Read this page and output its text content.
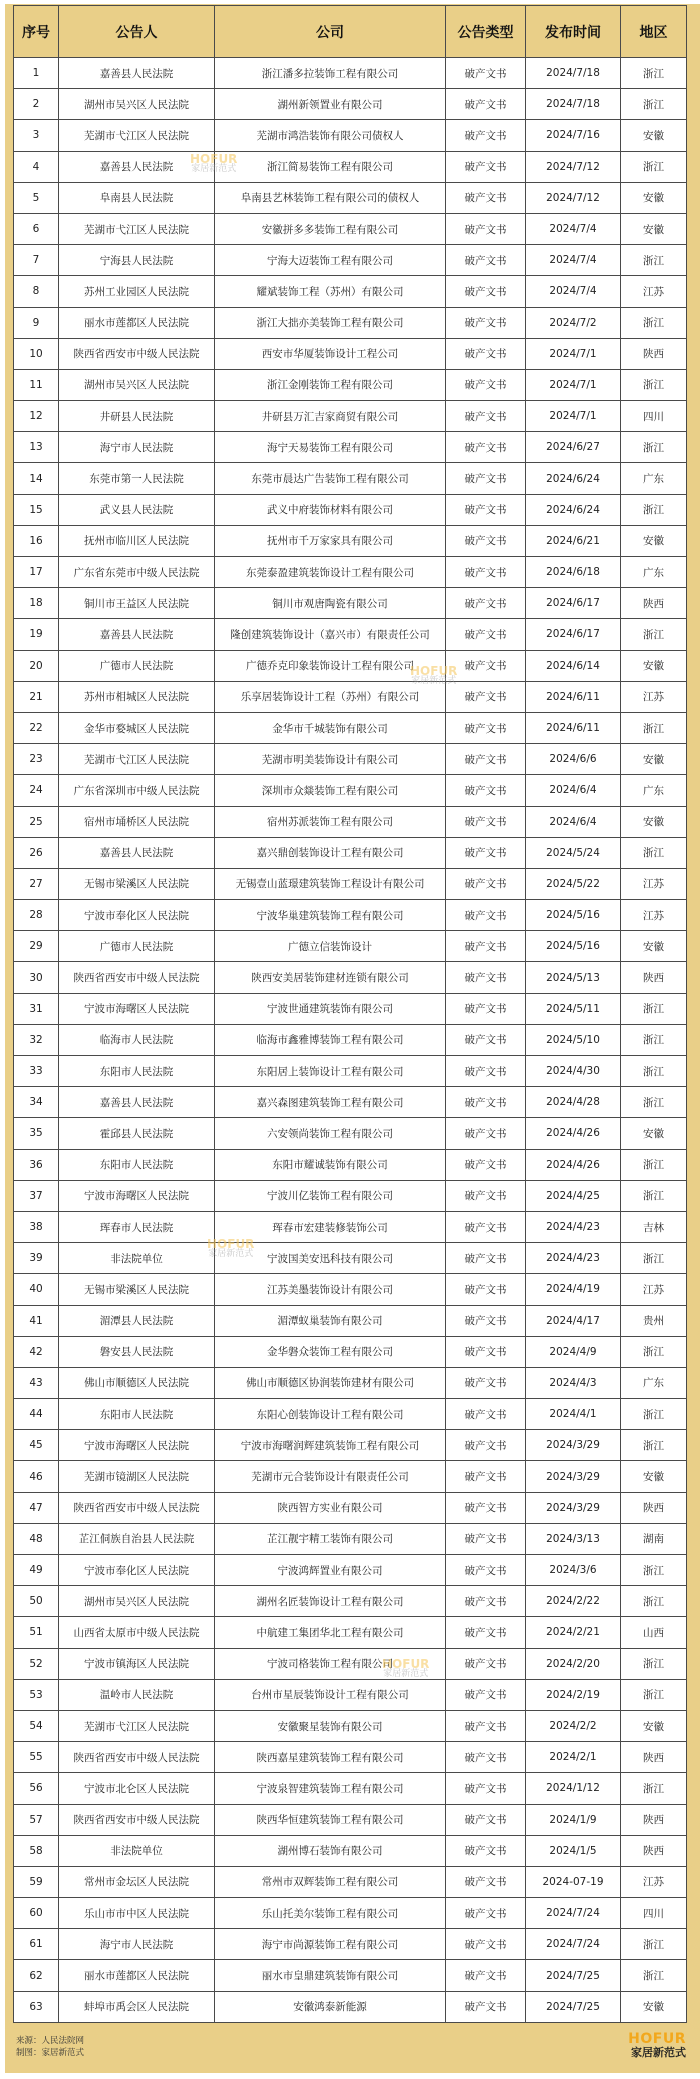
序号	公告人	公司	公告类型	发布时间	地区
1	嘉善县人民法院	浙江潘多拉装饰工程有限公司	破产文书	2024/7/18	浙江
2	湖州市吴兴区人民法院	湖州新领置业有限公司	破产文书	2024/7/18	浙江
3	芜湖市弋江区人民法院	芜湖市鸿浩装饰有限公司债权人	破产文书	2024/7/16	安徽
4	嘉善县人民法院	浙江简易装饰工程有限公司	破产文书	2024/7/12	浙江
5	阜南县人民法院	阜南县艺林装饰工程有限公司的债权人	破产文书	2024/7/12	安徽
6	芜湖市弋江区人民法院	安徽拼多多装饰工程有限公司	破产文书	2024/7/4	安徽
7	宁海县人民法院	宁海大迈装饰工程有限公司	破产文书	2024/7/4	浙江
8	苏州工业园区人民法院	耀斌装饰工程（苏州）有限公司	破产文书	2024/7/4	江苏
9	丽水市莲都区人民法院	浙江大拙亦美装饰工程有限公司	破产文书	2024/7/2	浙江
10	陕西省西安市中级人民法院	西安市华厦装饰设计工程公司	破产文书	2024/7/1	陕西
11	湖州市吴兴区人民法院	浙江金刚装饰工程有限公司	破产文书	2024/7/1	浙江
12	井研县人民法院	井研县万汇吉家商贸有限公司	破产文书	2024/7/1	四川
13	海宁市人民法院	海宁天易装饰工程有限公司	破产文书	2024/6/27	浙江
14	东莞市第一人民法院	东莞市晨达广告装饰工程有限公司	破产文书	2024/6/24	广东
15	武义县人民法院	武义中府装饰材料有限公司	破产文书	2024/6/24	浙江
16	抚州市临川区人民法院	抚州市千万家家具有限公司	破产文书	2024/6/21	安徽
17	广东省东莞市中级人民法院	东莞泰盈建筑装饰设计工程有限公司	破产文书	2024/6/18	广东
18	铜川市王益区人民法院	铜川市观唐陶瓷有限公司	破产文书	2024/6/17	陕西
19	嘉善县人民法院	隆创建筑装饰设计（嘉兴市）有限责任公司	破产文书	2024/6/17	浙江
20	广德市人民法院	广德乔克印象装饰设计工程有限公司	破产文书	2024/6/14	安徽
21	苏州市相城区人民法院	乐享居装饰设计工程（苏州）有限公司	破产文书	2024/6/11	江苏
22	金华市婺城区人民法院	金华市千城装饰有限公司	破产文书	2024/6/11	浙江
23	芜湖市弋江区人民法院	芜湖市明美装饰设计有限公司	破产文书	2024/6/6	安徽
24	广东省深圳市中级人民法院	深圳市众燚装饰工程有限公司	破产文书	2024/6/4	广东
25	宿州市埇桥区人民法院	宿州苏派装饰工程有限公司	破产文书	2024/6/4	安徽
26	嘉善县人民法院	嘉兴鼎创装饰设计工程有限公司	破产文书	2024/5/24	浙江
27	无锡市梁溪区人民法院	无锡壹山蓝璟建筑装饰工程设计有限公司	破产文书	2024/5/22	江苏
28	宁波市奉化区人民法院	宁波华巢建筑装饰工程有限公司	破产文书	2024/5/16	江苏
29	广德市人民法院	广德立信装饰设计	破产文书	2024/5/16	安徽
30	陕西省西安市中级人民法院	陕西安美居装饰建材连锁有限公司	破产文书	2024/5/13	陕西
31	宁波市海曙区人民法院	宁波世通建筑装饰有限公司	破产文书	2024/5/11	浙江
32	临海市人民法院	临海市鑫雅博装饰工程有限公司	破产文书	2024/5/10	浙江
33	东阳市人民法院	东阳居上装饰设计工程有限公司	破产文书	2024/4/30	浙江
34	嘉善县人民法院	嘉兴森图建筑装饰工程有限公司	破产文书	2024/4/28	浙江
35	霍邱县人民法院	六安领尚装饰工程有限公司	破产文书	2024/4/26	安徽
36	东阳市人民法院	东阳市耀诚装饰有限公司	破产文书	2024/4/26	浙江
37	宁波市海曙区人民法院	宁波川亿装饰工程有限公司	破产文书	2024/4/25	浙江
38	珲春市人民法院	珲春市宏建装修装饰公司	破产文书	2024/4/23	吉林
39	非法院单位	宁波国美安迅科技有限公司	破产文书	2024/4/23	浙江
40	无锡市梁溪区人民法院	江苏美墨装饰设计有限公司	破产文书	2024/4/19	江苏
41	湄潭县人民法院	湄潭蚁巢装饰有限公司	破产文书	2024/4/17	贵州
42	磐安县人民法院	金华磐众装饰工程有限公司	破产文书	2024/4/9	浙江
43	佛山市顺德区人民法院	佛山市顺德区协润装饰建材有限公司	破产文书	2024/4/3	广东
44	东阳市人民法院	东阳心创装饰设计工程有限公司	破产文书	2024/4/1	浙江
45	宁波市海曙区人民法院	宁波市海曙润辉建筑装饰工程有限公司	破产文书	2024/3/29	浙江
46	芜湖市镜湖区人民法院	芜湖市元合装饰设计有限责任公司	破产文书	2024/3/29	安徽
47	陕西省西安市中级人民法院	陕西智方实业有限公司	破产文书	2024/3/29	陕西
48	芷江侗族自治县人民法院	芷江靓宇精工装饰有限公司	破产文书	2024/3/13	湖南
49	宁波市奉化区人民法院	宁波鸿辉置业有限公司	破产文书	2024/3/6	浙江
50	湖州市吴兴区人民法院	湖州名匠装饰设计工程有限公司	破产文书	2024/2/22	浙江
51	山西省太原市中级人民法院	中航建工集团华北工程有限公司	破产文书	2024/2/21	山西
52	宁波市镇海区人民法院	宁波司格装饰工程有限公司	破产文书	2024/2/20	浙江
53	温岭市人民法院	台州市星辰装饰设计工程有限公司	破产文书	2024/2/19	浙江
54	芜湖市弋江区人民法院	安徽聚星装饰有限公司	破产文书	2024/2/2	安徽
55	陕西省西安市中级人民法院	陕西嘉星建筑装饰工程有限公司	破产文书	2024/2/1	陕西
56	宁波市北仑区人民法院	宁波泉智建筑装饰工程有限公司	破产文书	2024/1/12	浙江
57	陕西省西安市中级人民法院	陕西华恒建筑装饰工程有限公司	破产文书	2024/1/9	陕西
58	非法院单位	湖州博石装饰有限公司	破产文书	2024/1/5	陕西
59	常州市金坛区人民法院	常州市双辉装饰工程有限公司	破产文书	2024-07-19	江苏
60	乐山市市中区人民法院	乐山托美尔装饰工程有限公司	破产文书	2024/7/24	四川
61	海宁市人民法院	海宁市尚源装饰工程有限公司	破产文书	2024/7/24	浙江
62	丽水市莲都区人民法院	丽水市皇鼎建筑装饰有限公司	破产文书	2024/7/25	浙江
63	蚌埠市禹会区人民法院	安徽鸿泰新能源	破产文书	2024/7/25	安徽
HOFUR
家居新范式
HOFUR
家居新范式
HOFUR
家居新范式
HOFUR
家居新范式
来源：人民法院网
制图：家居新范式
HOFUR
家居新范式
